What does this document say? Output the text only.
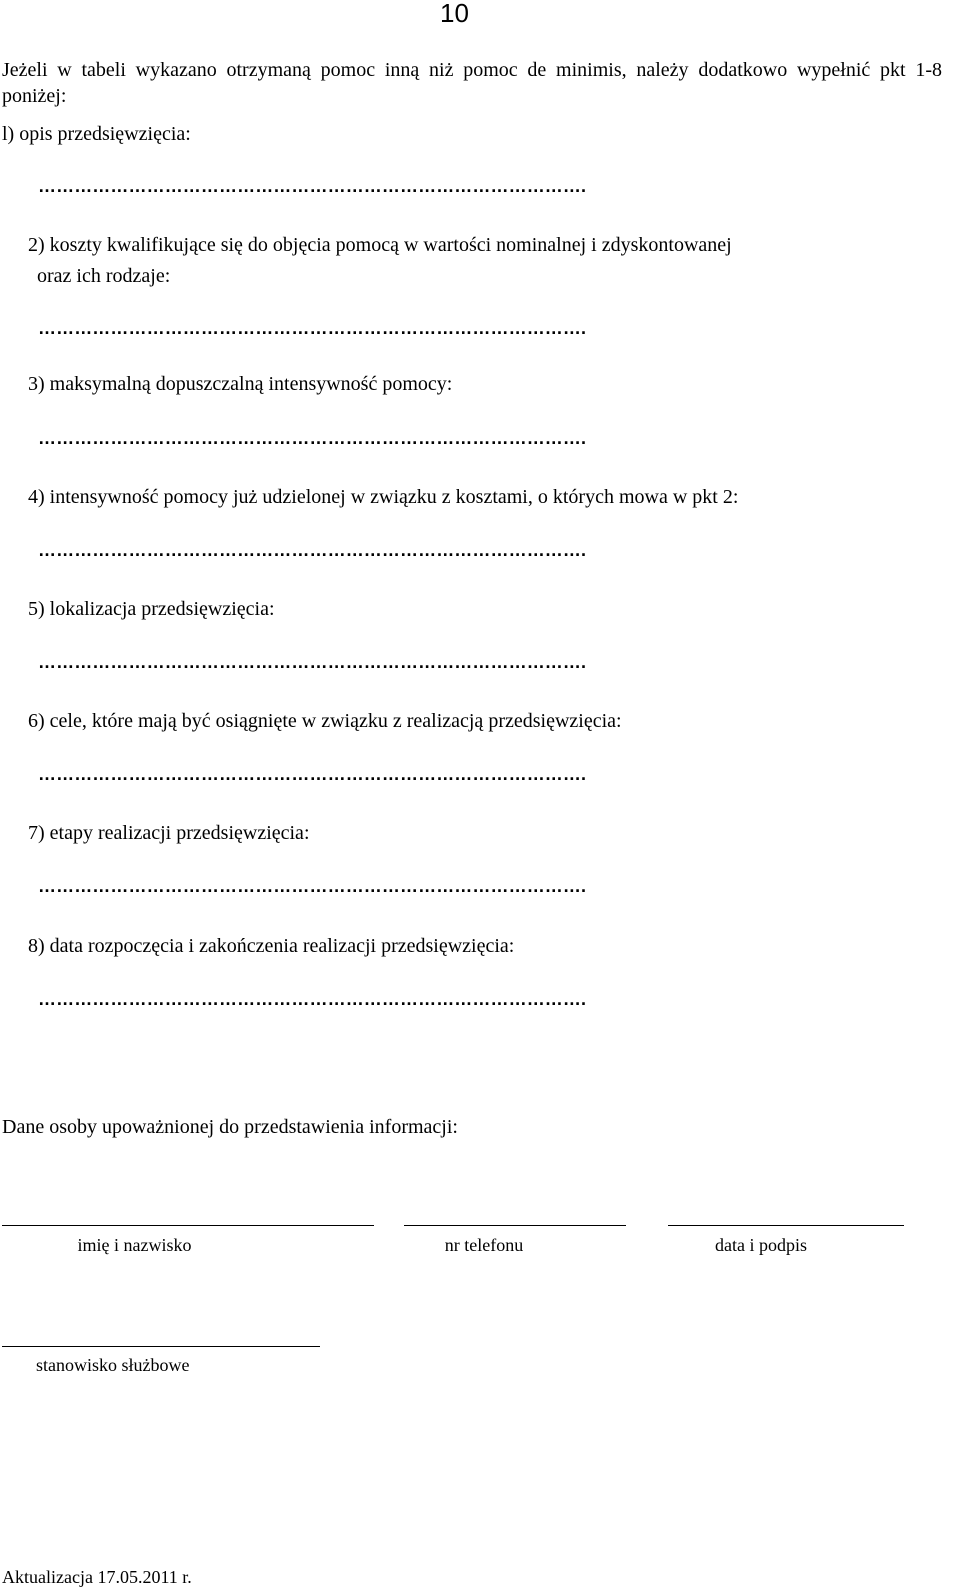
10
Jeżeli w tabeli wykazano otrzymaną pomoc inną niż pomoc de minimis, należy dodatkowo wypełnić pkt 1-8 poniżej:
l) opis przedsięwzięcia:
……………………………………………………………………………….
2) koszty kwalifikujące się do objęcia pomocą w wartości nominalnej i zdyskontowanej
oraz ich rodzaje:
……………………………………………………………………………….
3) maksymalną dopuszczalną intensywność pomocy:
……………………………………………………………………………….
4) intensywność pomocy już udzielonej w związku z kosztami, o których mowa w pkt 2:
……………………………………………………………………………….
5) lokalizacja przedsięwzięcia:
……………………………………………………………………………….
6) cele, które mają być osiągnięte w związku z realizacją przedsięwzięcia:
……………………………………………………………………………….
7) etapy realizacji przedsięwzięcia:
……………………………………………………………………………….
8) data rozpoczęcia i zakończenia realizacji przedsięwzięcia:
……………………………………………………………………………….
Dane osoby upoważnionej do przedstawienia informacji:
imię i nazwisko	nr telefonu	data i podpis
stanowisko służbowe
Aktualizacja 17.05.2011 r.
